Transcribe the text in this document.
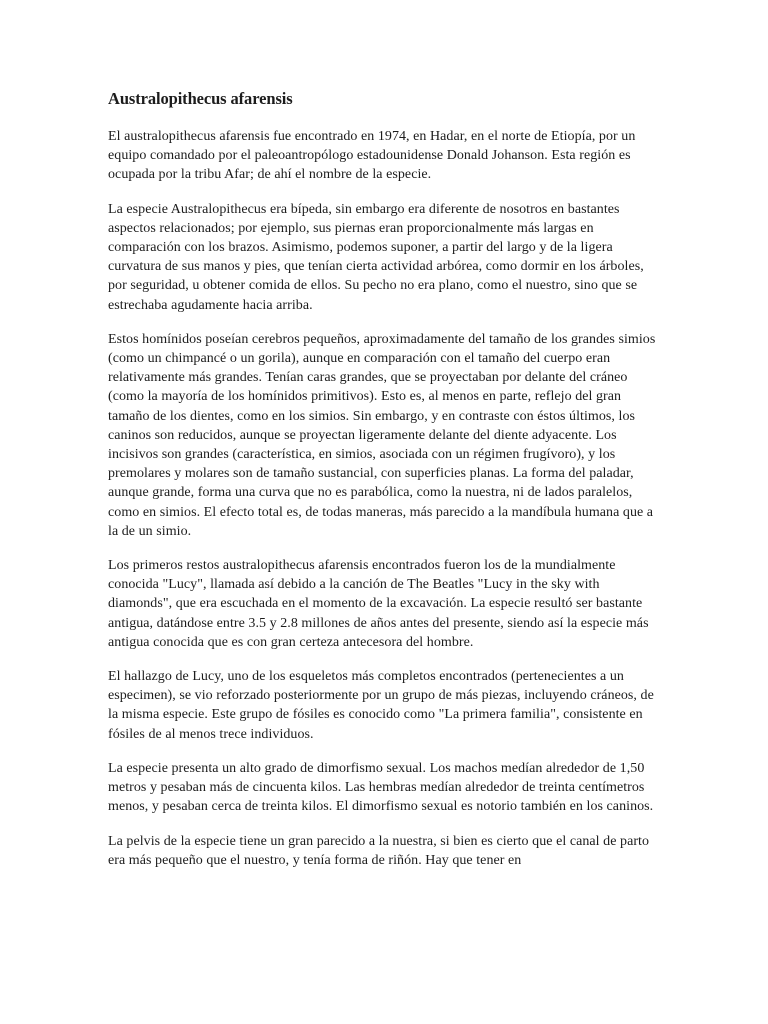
Australopithecus afarensis

El australopithecus afarensis fue encontrado en 1974, en Hadar, en el norte de Etiopía, por un equipo comandado por el paleoantropólogo estadounidense Donald Johanson. Esta región es ocupada por la tribu Afar; de ahí el nombre de la especie.

La especie Australopithecus era bípeda, sin embargo era diferente de nosotros en bastantes aspectos relacionados; por ejemplo, sus piernas eran proporcionalmente más largas en comparación con los brazos. Asimismo, podemos suponer, a partir del largo y de la ligera curvatura de sus manos y pies, que tenían cierta actividad arbórea, como dormir en los árboles, por seguridad, u obtener comida de ellos. Su pecho no era plano, como el nuestro, sino que se estrechaba agudamente hacia arriba.

Estos homínidos poseían cerebros pequeños, aproximadamente del tamaño de los grandes simios (como un chimpancé o un gorila), aunque en comparación con el tamaño del cuerpo eran relativamente más grandes. Tenían caras grandes, que se proyectaban por delante del cráneo (como la mayoría de los homínidos primitivos). Esto es, al menos en parte, reflejo del gran tamaño de los dientes, como en los simios. Sin embargo, y en contraste con éstos últimos, los caninos son reducidos, aunque se proyectan ligeramente delante del diente adyacente. Los incisivos son grandes (característica, en simios, asociada con un régimen frugívoro), y los premolares y molares son de tamaño sustancial, con superficies planas. La forma del paladar, aunque grande, forma una curva que no es parabólica, como la nuestra, ni de lados paralelos, como en simios. El efecto total es, de todas maneras, más parecido a la mandíbula humana que a la de un simio.

Los primeros restos australopithecus afarensis encontrados fueron los de la mundialmente conocida "Lucy", llamada así debido a la canción de The Beatles "Lucy in the sky with diamonds", que era escuchada en el momento de la excavación. La especie resultó ser bastante antigua, datándose entre 3.5 y 2.8 millones de años antes del presente, siendo así la especie más antigua conocida que es con gran certeza antecesora del hombre.

El hallazgo de Lucy, uno de los esqueletos más completos encontrados (pertenecientes a un especimen), se vio reforzado posteriormente por un grupo de más piezas, incluyendo cráneos, de la misma especie. Este grupo de fósiles es conocido como "La primera familia", consistente en fósiles de al menos trece individuos.

La especie presenta un alto grado de dimorfismo sexual. Los machos medían alrededor de 1,50 metros y pesaban más de cincuenta kilos. Las hembras medían alrededor de treinta centímetros menos, y pesaban cerca de treinta kilos. El dimorfismo sexual es notorio también en los caninos.

La pelvis de la especie tiene un gran parecido a la nuestra, si bien es cierto que el canal de parto era más pequeño que el nuestro, y tenía forma de riñón. Hay que tener en
